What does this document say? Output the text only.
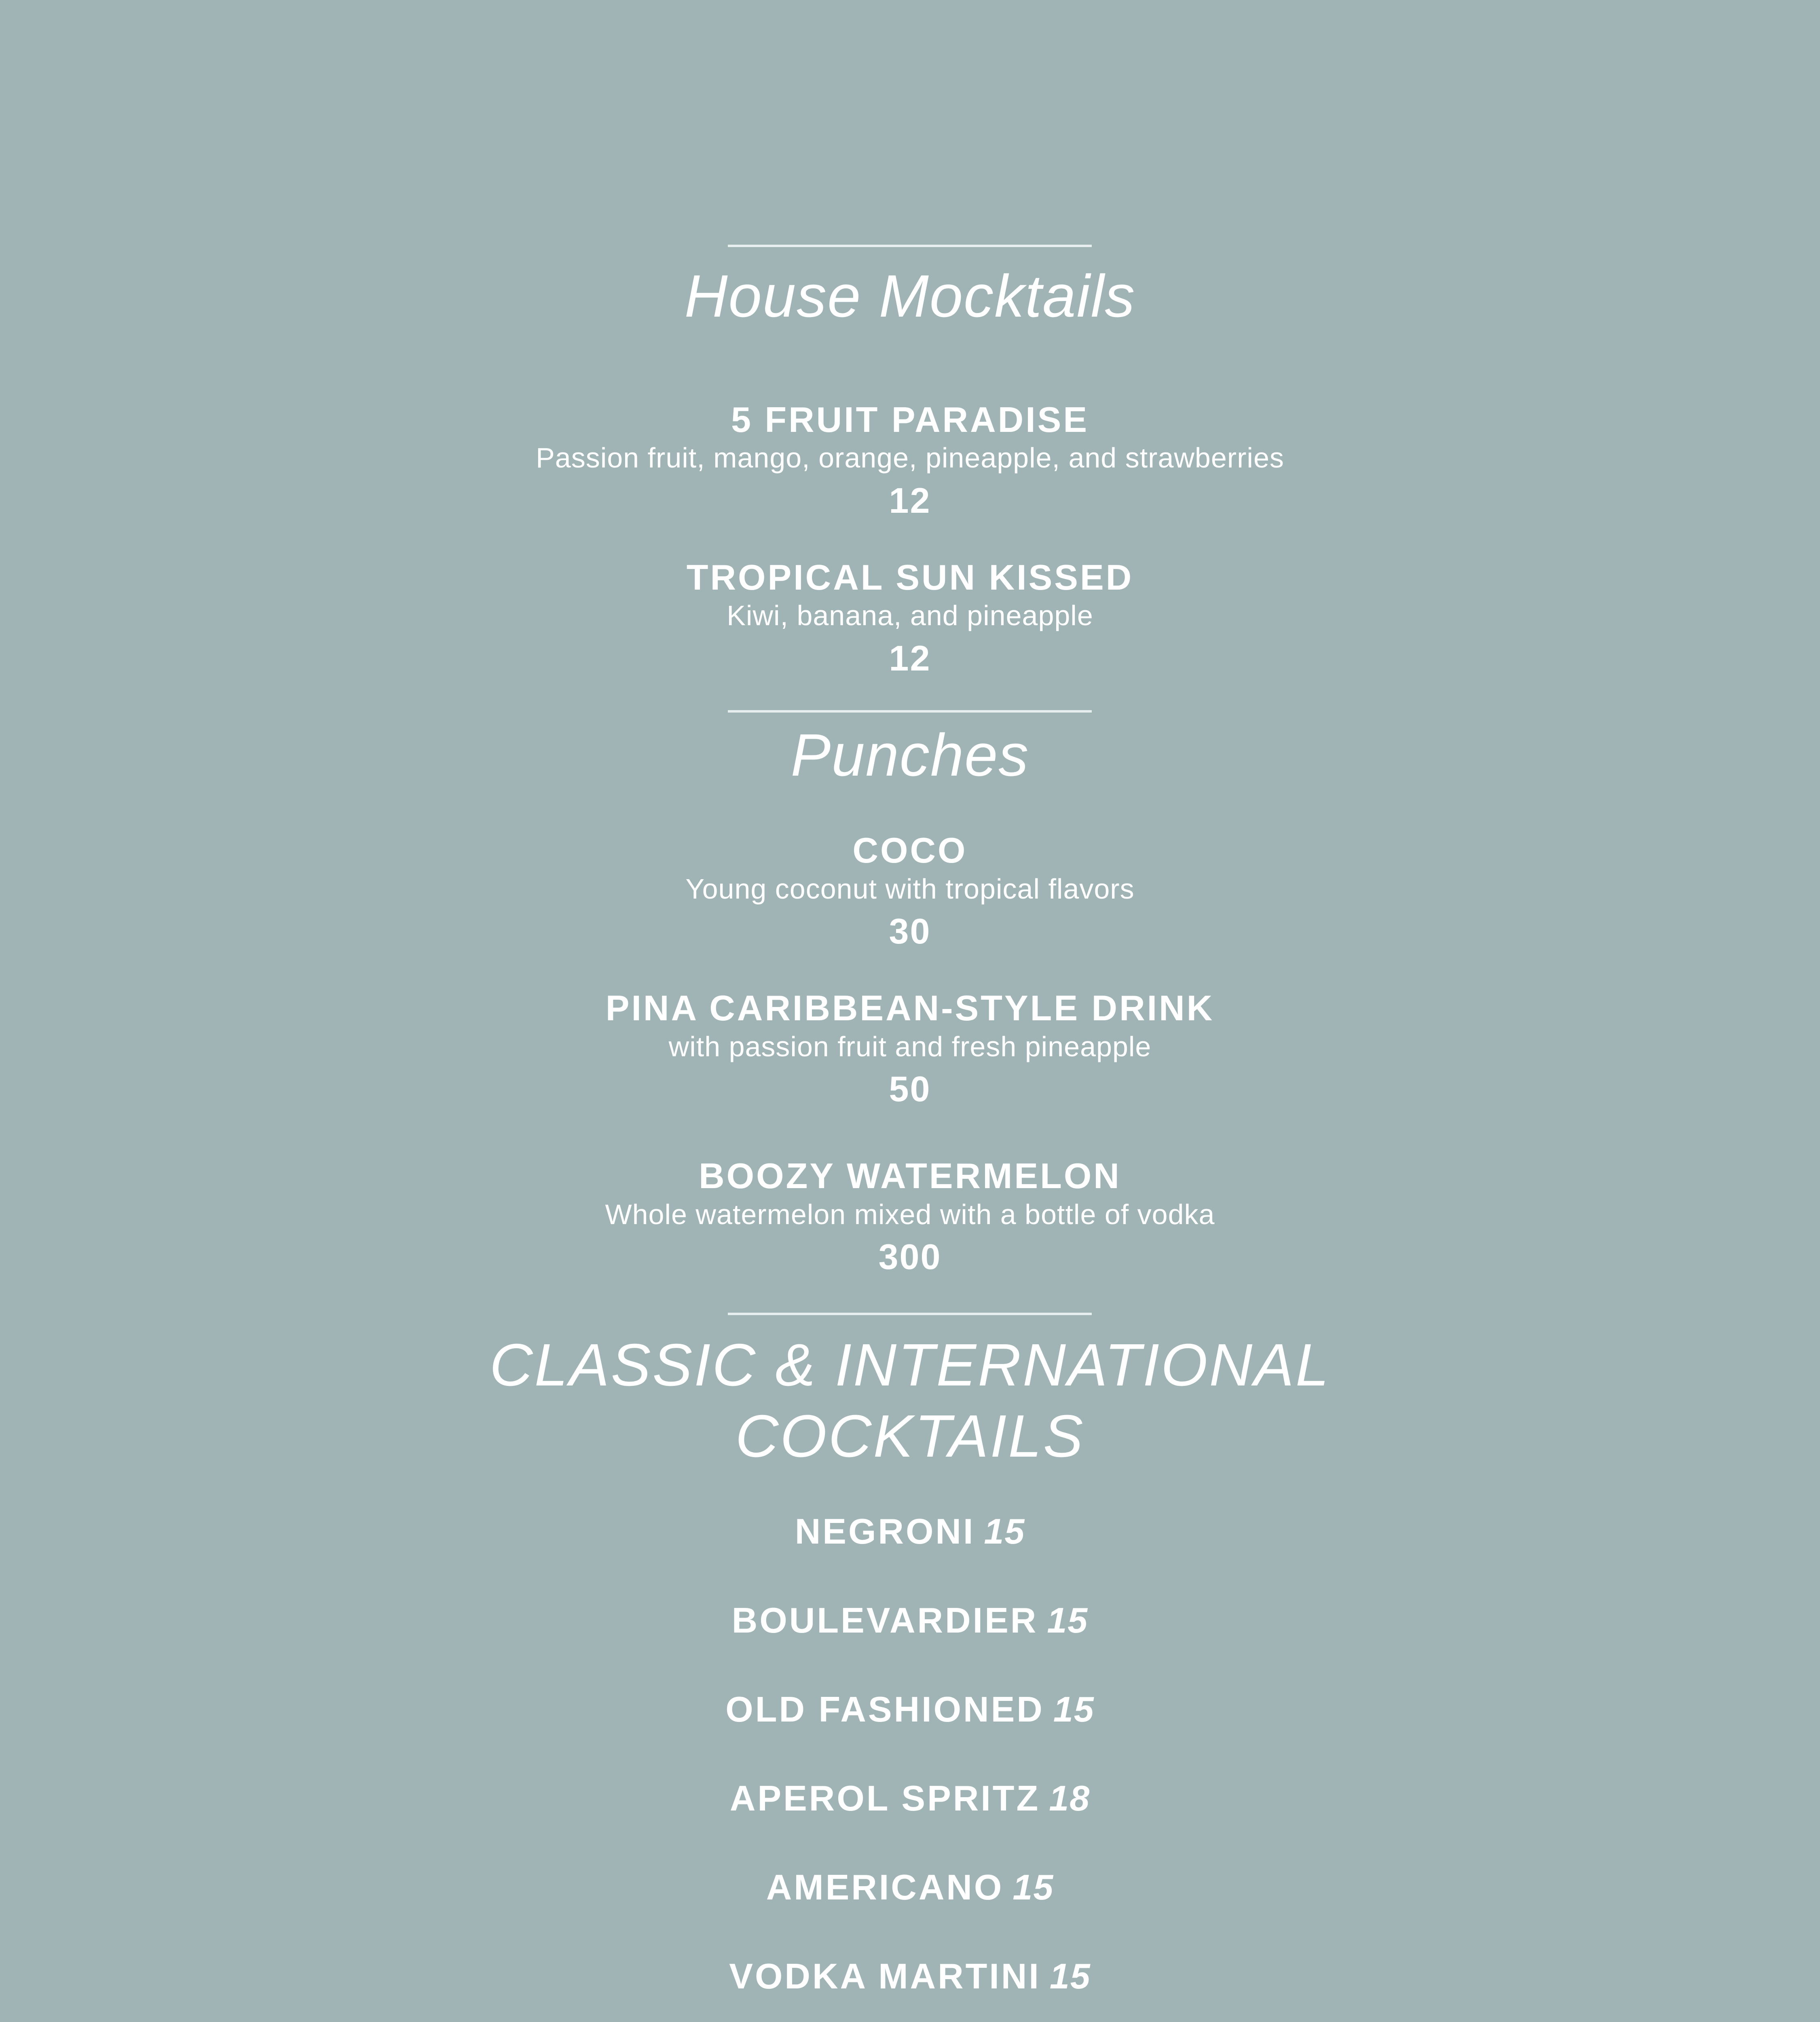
House Mocktails
5 FRUIT PARADISE
Passion fruit, mango, orange, pineapple, and strawberries
12
TROPICAL SUN KISSED
Kiwi, banana, and pineapple
12
Punches
COCO
Young coconut with tropical flavors
30
PINA CARIBBEAN-STYLE DRINK
with passion fruit and fresh pineapple
50
BOOZY WATERMELON
Whole watermelon mixed with a bottle of vodka
300
CLASSIC & INTERNATIONAL
COCKTAILS
NEGRONI 15
BOULEVARDIER 15
OLD FASHIONED 15
APEROL SPRITZ 18
AMERICANO 15
VODKA MARTINI 15
